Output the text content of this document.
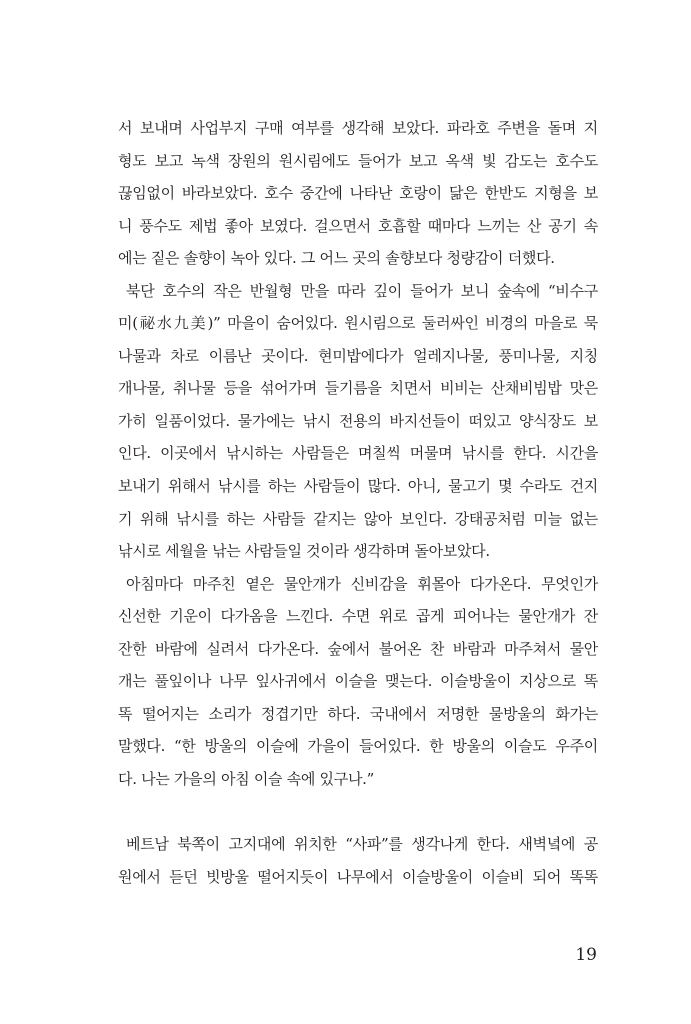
서 보내며 사업부지 구매 여부를 생각해 보았다. 파라호 주변을 돌며 지
형도 보고 녹색 장원의 원시림에도 들어가 보고 옥색 빛 감도는 호수도
끊임없이 바라보았다. 호수 중간에 나타난 호랑이 닮은 한반도 지형을 보
니 풍수도 제법 좋아 보였다. 걸으면서 호흡할 때마다 느끼는 산 공기 속
에는 짙은 솔향이 녹아 있다. 그 어느 곳의 솔향보다 청량감이 더했다.
북단 호수의 작은 반월형 만을 따라 깊이 들어가 보니 숲속에 “비수구
미(祕水九美)” 마을이 숨어있다. 원시림으로 둘러싸인 비경의 마을로 묵
나물과 차로 이름난 곳이다. 현미밥에다가 얼레지나물, 풍미나물, 지칭
개나물, 취나물 등을 섞어가며 들기름을 치면서 비비는 산채비빔밥 맛은
가히 일품이었다. 물가에는 낚시 전용의 바지선들이 떠있고 양식장도 보
인다. 이곳에서 낚시하는 사람들은 며칠씩 머물며 낚시를 한다. 시간을
보내기 위해서 낚시를 하는 사람들이 많다. 아니, 물고기 몇 수라도 건지
기 위해 낚시를 하는 사람들 같지는 않아 보인다. 강태공처럼 미늘 없는
낚시로 세월을 낚는 사람들일 것이라 생각하며 돌아보았다.
아침마다 마주친 옅은 물안개가 신비감을 휘몰아 다가온다. 무엇인가
신선한 기운이 다가옴을 느낀다. 수면 위로 곱게 피어나는 물안개가 잔
잔한 바람에 실려서 다가온다. 숲에서 불어온 찬 바람과 마주쳐서 물안
개는 풀잎이나 나무 잎사귀에서 이슬을 맺는다. 이슬방울이 지상으로 똑
똑 떨어지는 소리가 정겹기만 하다. 국내에서 저명한 물방울의 화가는
말했다. “한 방울의 이슬에 가을이 들어있다. 한 방울의 이슬도 우주이
다. 나는 가을의 아침 이슬 속에 있구나.”
베트남 북쪽이 고지대에 위치한 “사파”를 생각나게 한다. 새벽녘에 공
원에서 듣던 빗방울 떨어지듯이 나무에서 이슬방울이 이슬비 되어 똑똑
19
